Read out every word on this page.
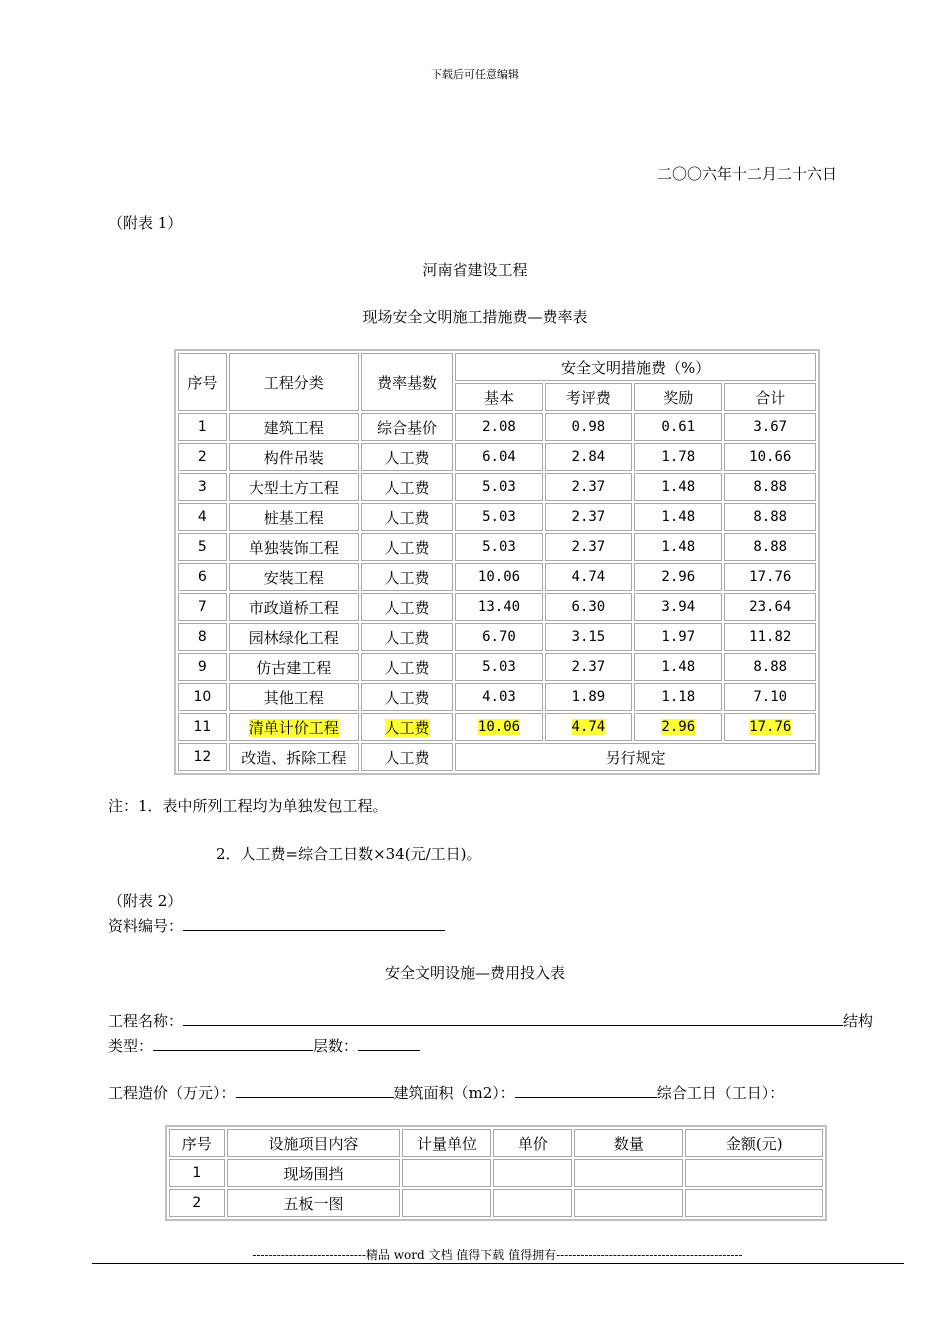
下载后可任意编辑
二〇〇六年十二月二十六日
（附表 1）
河南省建设工程
现场安全文明施工措施费—费率表
序号	工程分类	费率基数	安全文明措施费（%）			
			基本	考评费	奖励	合计
1	建筑工程	综合基价	2.08	0.98	0.61	3.67
2	构件吊装	人工费	6.04	2.84	1.78	10.66
3	大型土方工程	人工费	5.03	2.37	1.48	8.88
4	桩基工程	人工费	5.03	2.37	1.48	8.88
5	单独装饰工程	人工费	5.03	2.37	1.48	8.88
6	安装工程	人工费	10.06	4.74	2.96	17.76
7	市政道桥工程	人工费	13.40	6.30	3.94	23.64
8	园林绿化工程	人工费	6.70	3.15	1.97	11.82
9	仿古建工程	人工费	5.03	2.37	1.48	8.88
10	其他工程	人工费	4.03	1.89	1.18	7.10
11	清单计价工程	人工费	10.06	4.74	2.96	17.76
12	改造、拆除工程	人工费	另行规定			
注：1．表中所列工程均为单独发包工程。
2．人工费=综合工日数×34(元/工日)。
（附表 2）
资料编号：
安全文明设施—费用投入表
工程名称：	结构
类型：	层数：
工程造价（万元）：	建筑面积（m2）：	综合工日（工日）：
序号	设施项目内容	计量单位	单价	数量	金额(元)
1	现场围挡				
2	五板一图				
----------------------------精品 word 文档 值得下载 值得拥有----------------------------------------------
